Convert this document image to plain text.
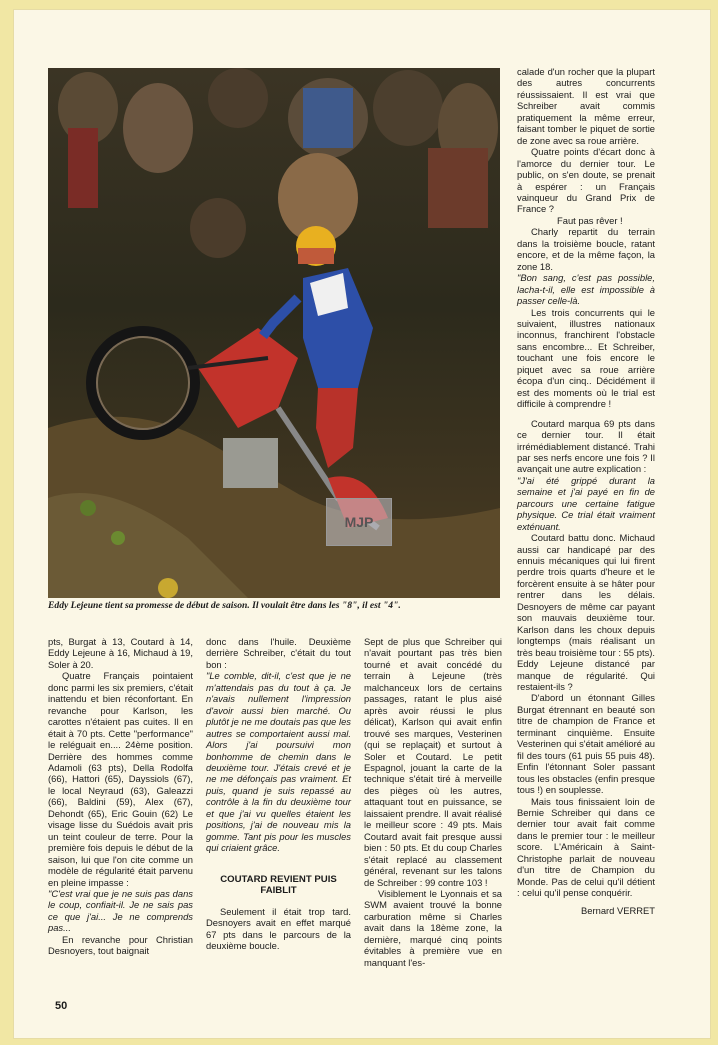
MJP
Eddy Lejeune tient sa promesse de début de saison. Il voulait être dans les "8", il est "4".

calade d'un rocher que la plupart des autres concurrents réussissaient. Il est vrai que Schreiber avait commis pratiquement la même erreur, faisant tomber le piquet de sortie de zone avec sa roue arrière.

Quatre points d'écart donc à l'amorce du dernier tour. Le public, on s'en doute, se prenait à espérer : un Français vainqueur du Grand Prix de France ?

Faut pas rêver !

Charly repartit du terrain dans la troisième boucle, ratant encore, et de la même façon, la zone 18.

"Bon sang, c'est pas possible, lacha-t-il, elle est impossible à passer celle-là.

Les trois concurrents qui le suivaient, illustres nationaux inconnus, franchirent l'obstacle sans encombre... Et Schreiber, touchant une fois encore le piquet avec sa roue arrière écopa d'un cinq.. Décidément il est des moments où le trial est difficile à comprendre !

Coutard marqua 69 pts dans ce dernier tour. Il était irrémédiablement distancé. Trahi par ses nerfs encore une fois ? Il avançait une autre explication :

"J'ai été grippé durant la semaine et j'ai payé en fin de parcours une certaine fatigue physique. Ce trial était vraiment exténuant.

Coutard battu donc. Michaud aussi car handicapé par des ennuis mécaniques qui lui firent perdre trois quarts d'heure et le forcèrent ensuite à se hâter pour rentrer dans les délais. Desnoyers de même car payant son mauvais deuxième tour. Karlson dans les choux depuis longtemps (mais réalisant un très beau troisième tour : 55 pts). Eddy Lejeune distancé par manque de régularité. Qui restaient-ils ?

D'abord un étonnant Gilles Burgat étrennant en beauté son titre de champion de France et terminant cinquième. Ensuite Vesterinen qui s'était amélioré au fil des tours (61 puis 55 puis 48). Enfin l'étonnant Soler passant tous les obstacles (enfin presque tous !) en souplesse.

Mais tous finissaient loin de Bernie Schreiber qui dans ce dernier tour avait fait comme dans le premier tour : le meilleur score. L'Américain à Saint-Christophe parlait de nouveau d'un titre de Champion du Monde. Pas de celui qu'il détient : celui qu'il pense conquérir.

Bernard VERRET

pts, Burgat à 13, Coutard à 14, Eddy Lejeune à 16, Michaud à 19, Soler à 20.

Quatre Français pointaient donc parmi les six premiers, c'était inattendu et bien réconfortant. En revanche pour Karlson, les carottes n'étaient pas cuites. Il en était à 70 pts. Cette "performance" le reléguait en.... 24ème position. Derrière des hommes comme Adamoli (63 pts), Della Rodolfa (66), Hattori (65), Dayssiols (67), le local Neyraud (63), Galeazzi (66), Baldini (59), Alex (67), Dehondt (65), Eric Gouin (62) Le visage lisse du Suédois avait pris un teint couleur de terre. Pour la première fois depuis le début de la saison, lui que l'on cite comme un modèle de régularité était parvenu en pleine impasse :

"C'est vrai que je ne suis pas dans le coup, confiait-il. Je ne sais pas ce que j'ai... Je ne comprends pas...

En revanche pour Christian Desnoyers, tout baignait

donc dans l'huile. Deuxième derrière Schreiber, c'était du tout bon :

"Le comble, dit-il, c'est que je ne m'attendais pas du tout à ça. Je n'avais nullement l'impression d'avoir aussi bien marché. Ou plutôt je ne me doutais pas que les autres se comportaient aussi mal. Alors j'ai poursuivi mon bonhomme de chemin dans le deuxième tour. J'étais crevé et je ne me défonçais pas vraiment. Et puis, quand je suis repassé au contrôle à la fin du deuxième tour et que j'ai vu quelles étaient les positions, j'ai de nouveau mis la gomme. Tant pis pour les muscles qui criaient grâce.

COUTARD REVIENT PUIS FAIBLIT

Seulement il était trop tard. Desnoyers avait en effet marqué 67 pts dans le parcours de la deuxième boucle.

Sept de plus que Schreiber qui n'avait pourtant pas très bien tourné et avait concédé du terrain à Lejeune (très malchanceux lors de certains passages, ratant le plus aisé après avoir réussi le plus délicat), Karlson qui avait enfin trouvé ses marques, Vesterinen (qui se replaçait) et surtout à Soler et Coutard. Le petit Espagnol, jouant la carte de la technique s'était tiré à merveille des pièges où les autres, attaquant tout en puissance, se laissaient prendre. Il avait réalisé le meilleur score : 49 pts. Mais Coutard avait fait presque aussi bien : 50 pts. Et du coup Charles s'était replacé au classement général, revenant sur les talons de Schreiber : 99 contre 103 !

Visiblement le Lyonnais et sa SWM avaient trouvé la bonne carburation même si Charles avait dans la 18ème zone, la dernière, marqué cinq points évitables à première vue en manquant l'es-

50
